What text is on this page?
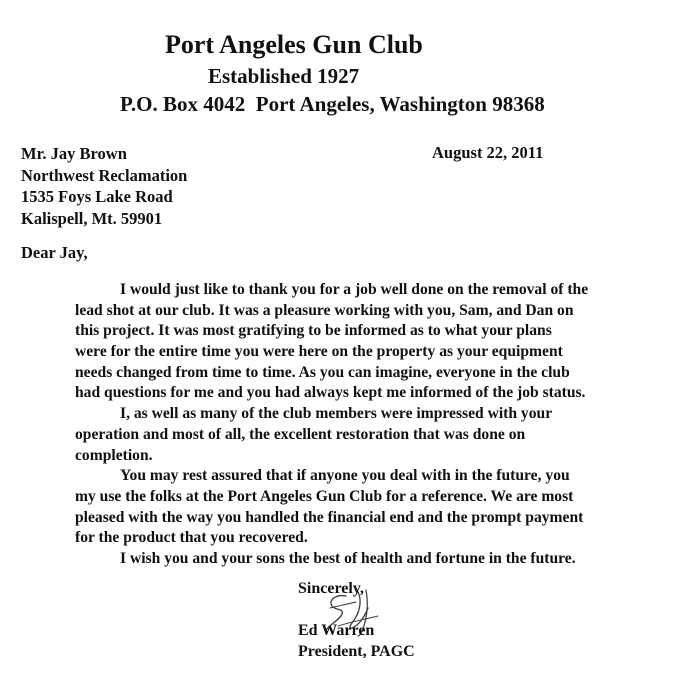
Port Angeles Gun Club
Established 1927
P.O. Box 4042  Port Angeles, Washington 98368
Mr. Jay Brown
Northwest Reclamation
1535 Foys Lake Road
Kalispell, Mt. 59901
August 22, 2011
Dear Jay,
I would just like to thank you for a job well done on the removal of the
lead shot at our club. It was a pleasure working with you, Sam, and Dan on
this project. It was most gratifying to be informed as to what your plans
were for the entire time you were here on the property as your equipment
needs changed from time to time. As you can imagine, everyone in the club
had questions for me and you had always kept me informed of the job status.
I, as well as many of the club members were impressed with your
operation and most of all, the excellent restoration that was done on
completion.
You may rest assured that if anyone you deal with in the future, you
my use the folks at the Port Angeles Gun Club for a reference. We are most
pleased with the way you handled the financial end and the prompt payment
for the product that you recovered.
I wish you and your sons the best of health and fortune in the future.
Sincerely,
Ed Warren
President, PAGC
